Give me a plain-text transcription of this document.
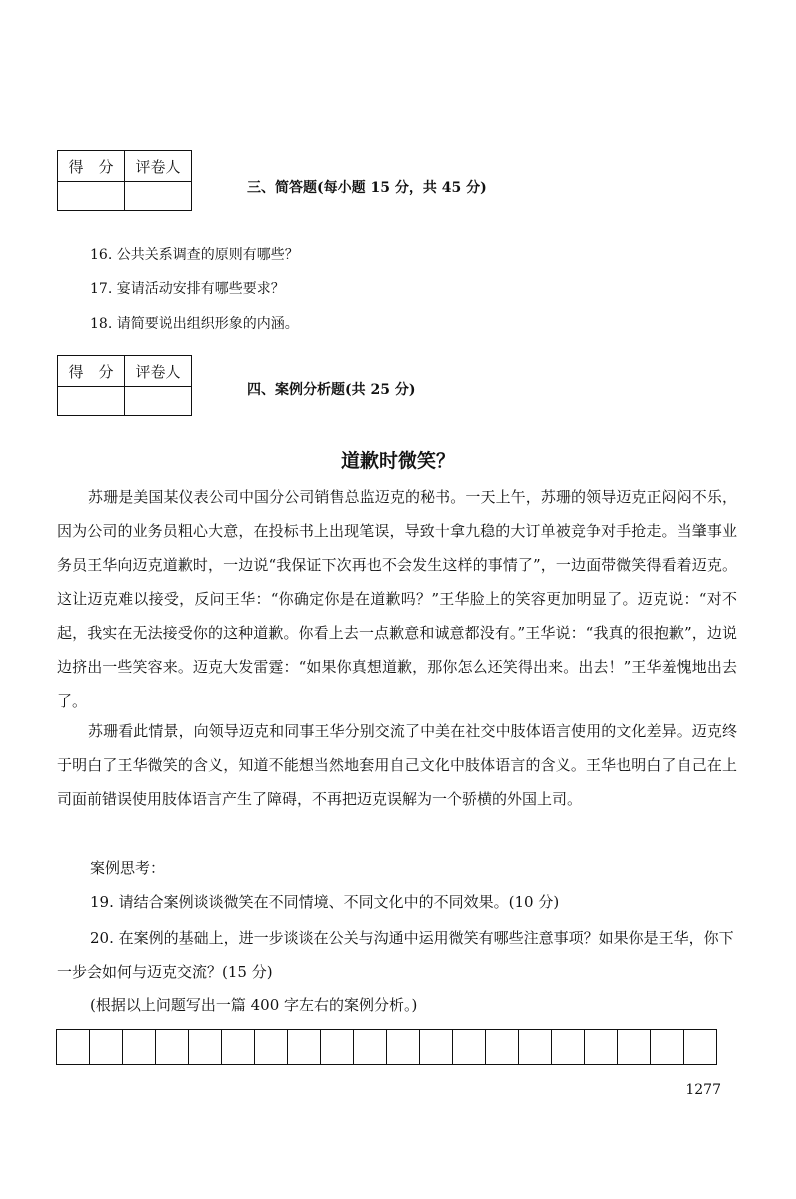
得　分	评卷人

三、简答题(每小题 15 分，共 45 分)
16. 公共关系调查的原则有哪些？
17. 宴请活动安排有哪些要求？
18. 请简要说出组织形象的内涵。
得　分	评卷人

四、案例分析题(共 25 分)
道歉时微笑？

苏珊是美国某仪表公司中国分公司销售总监迈克的秘书。一天上午，苏珊的领导迈克正闷闷不乐，因为公司的业务员粗心大意，在投标书上出现笔误，导致十拿九稳的大订单被竞争对手抢走。当肇事业务员王华向迈克道歉时，一边说“我保证下次再也不会发生这样的事情了”，一边面带微笑得看着迈克。这让迈克难以接受，反问王华：“你确定你是在道歉吗？”王华脸上的笑容更加明显了。迈克说：“对不起，我实在无法接受你的这种道歉。你看上去一点歉意和诚意都没有。”王华说：“我真的很抱歉”，边说边挤出一些笑容来。迈克大发雷霆：“如果你真想道歉，那你怎么还笑得出来。出去！”王华羞愧地出去了。

苏珊看此情景，向领导迈克和同事王华分别交流了中美在社交中肢体语言使用的文化差异。迈克终于明白了王华微笑的含义，知道不能想当然地套用自己文化中肢体语言的含义。王华也明白了自己在上司面前错误使用肢体语言产生了障碍，不再把迈克误解为一个骄横的外国上司。

案例思考：
19. 请结合案例谈谈微笑在不同情境、不同文化中的不同效果。(10 分)
20. 在案例的基础上，进一步谈谈在公关与沟通中运用微笑有哪些注意事项？如果你是王华，你下一步会如何与迈克交流？(15 分)
(根据以上问题写出一篇 400 字左右的案例分析。)

1277
